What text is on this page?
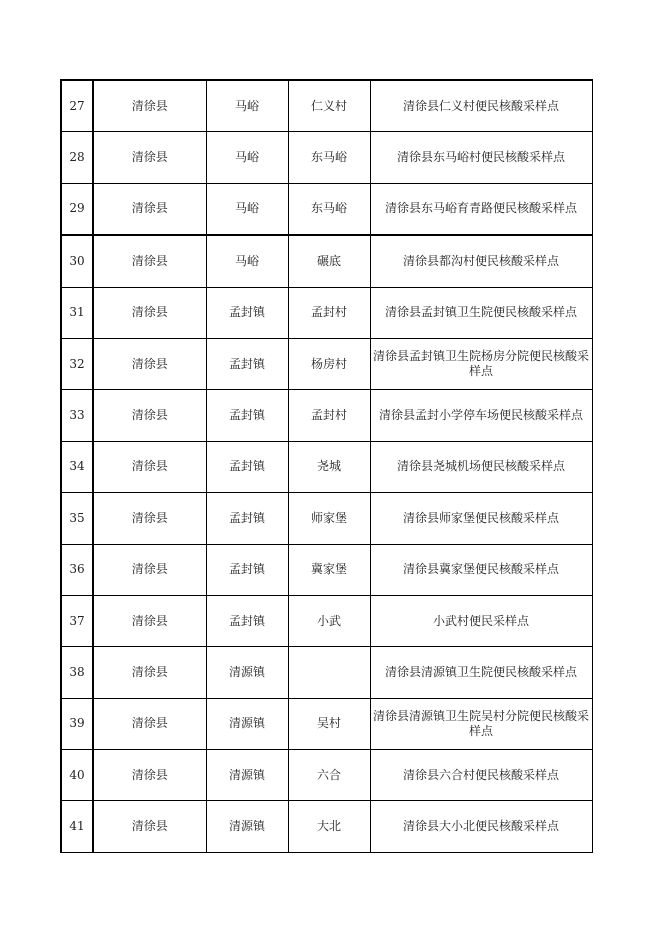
27	清徐县	马峪	仁义村	清徐县仁义村便民核酸采样点
28	清徐县	马峪	东马峪	清徐县东马峪村便民核酸采样点
29	清徐县	马峪	东马峪	清徐县东马峪育青路便民核酸采样点
30	清徐县	马峪	碾底	清徐县都沟村便民核酸采样点
31	清徐县	孟封镇	孟封村	清徐县孟封镇卫生院便民核酸采样点
32	清徐县	孟封镇	杨房村	清徐县孟封镇卫生院杨房分院便民核酸采样点
33	清徐县	孟封镇	孟封村	清徐县孟封小学停车场便民核酸采样点
34	清徐县	孟封镇	尧城	清徐县尧城机场便民核酸采样点
35	清徐县	孟封镇	师家堡	清徐县师家堡便民核酸采样点
36	清徐县	孟封镇	冀家堡	清徐县冀家堡便民核酸采样点
37	清徐县	孟封镇	小武	小武村便民采样点
38	清徐县	清源镇		清徐县清源镇卫生院便民核酸采样点
39	清徐县	清源镇	吴村	清徐县清源镇卫生院吴村分院便民核酸采样点
40	清徐县	清源镇	六合	清徐县六合村便民核酸采样点
41	清徐县	清源镇	大北	清徐县大小北便民核酸采样点
